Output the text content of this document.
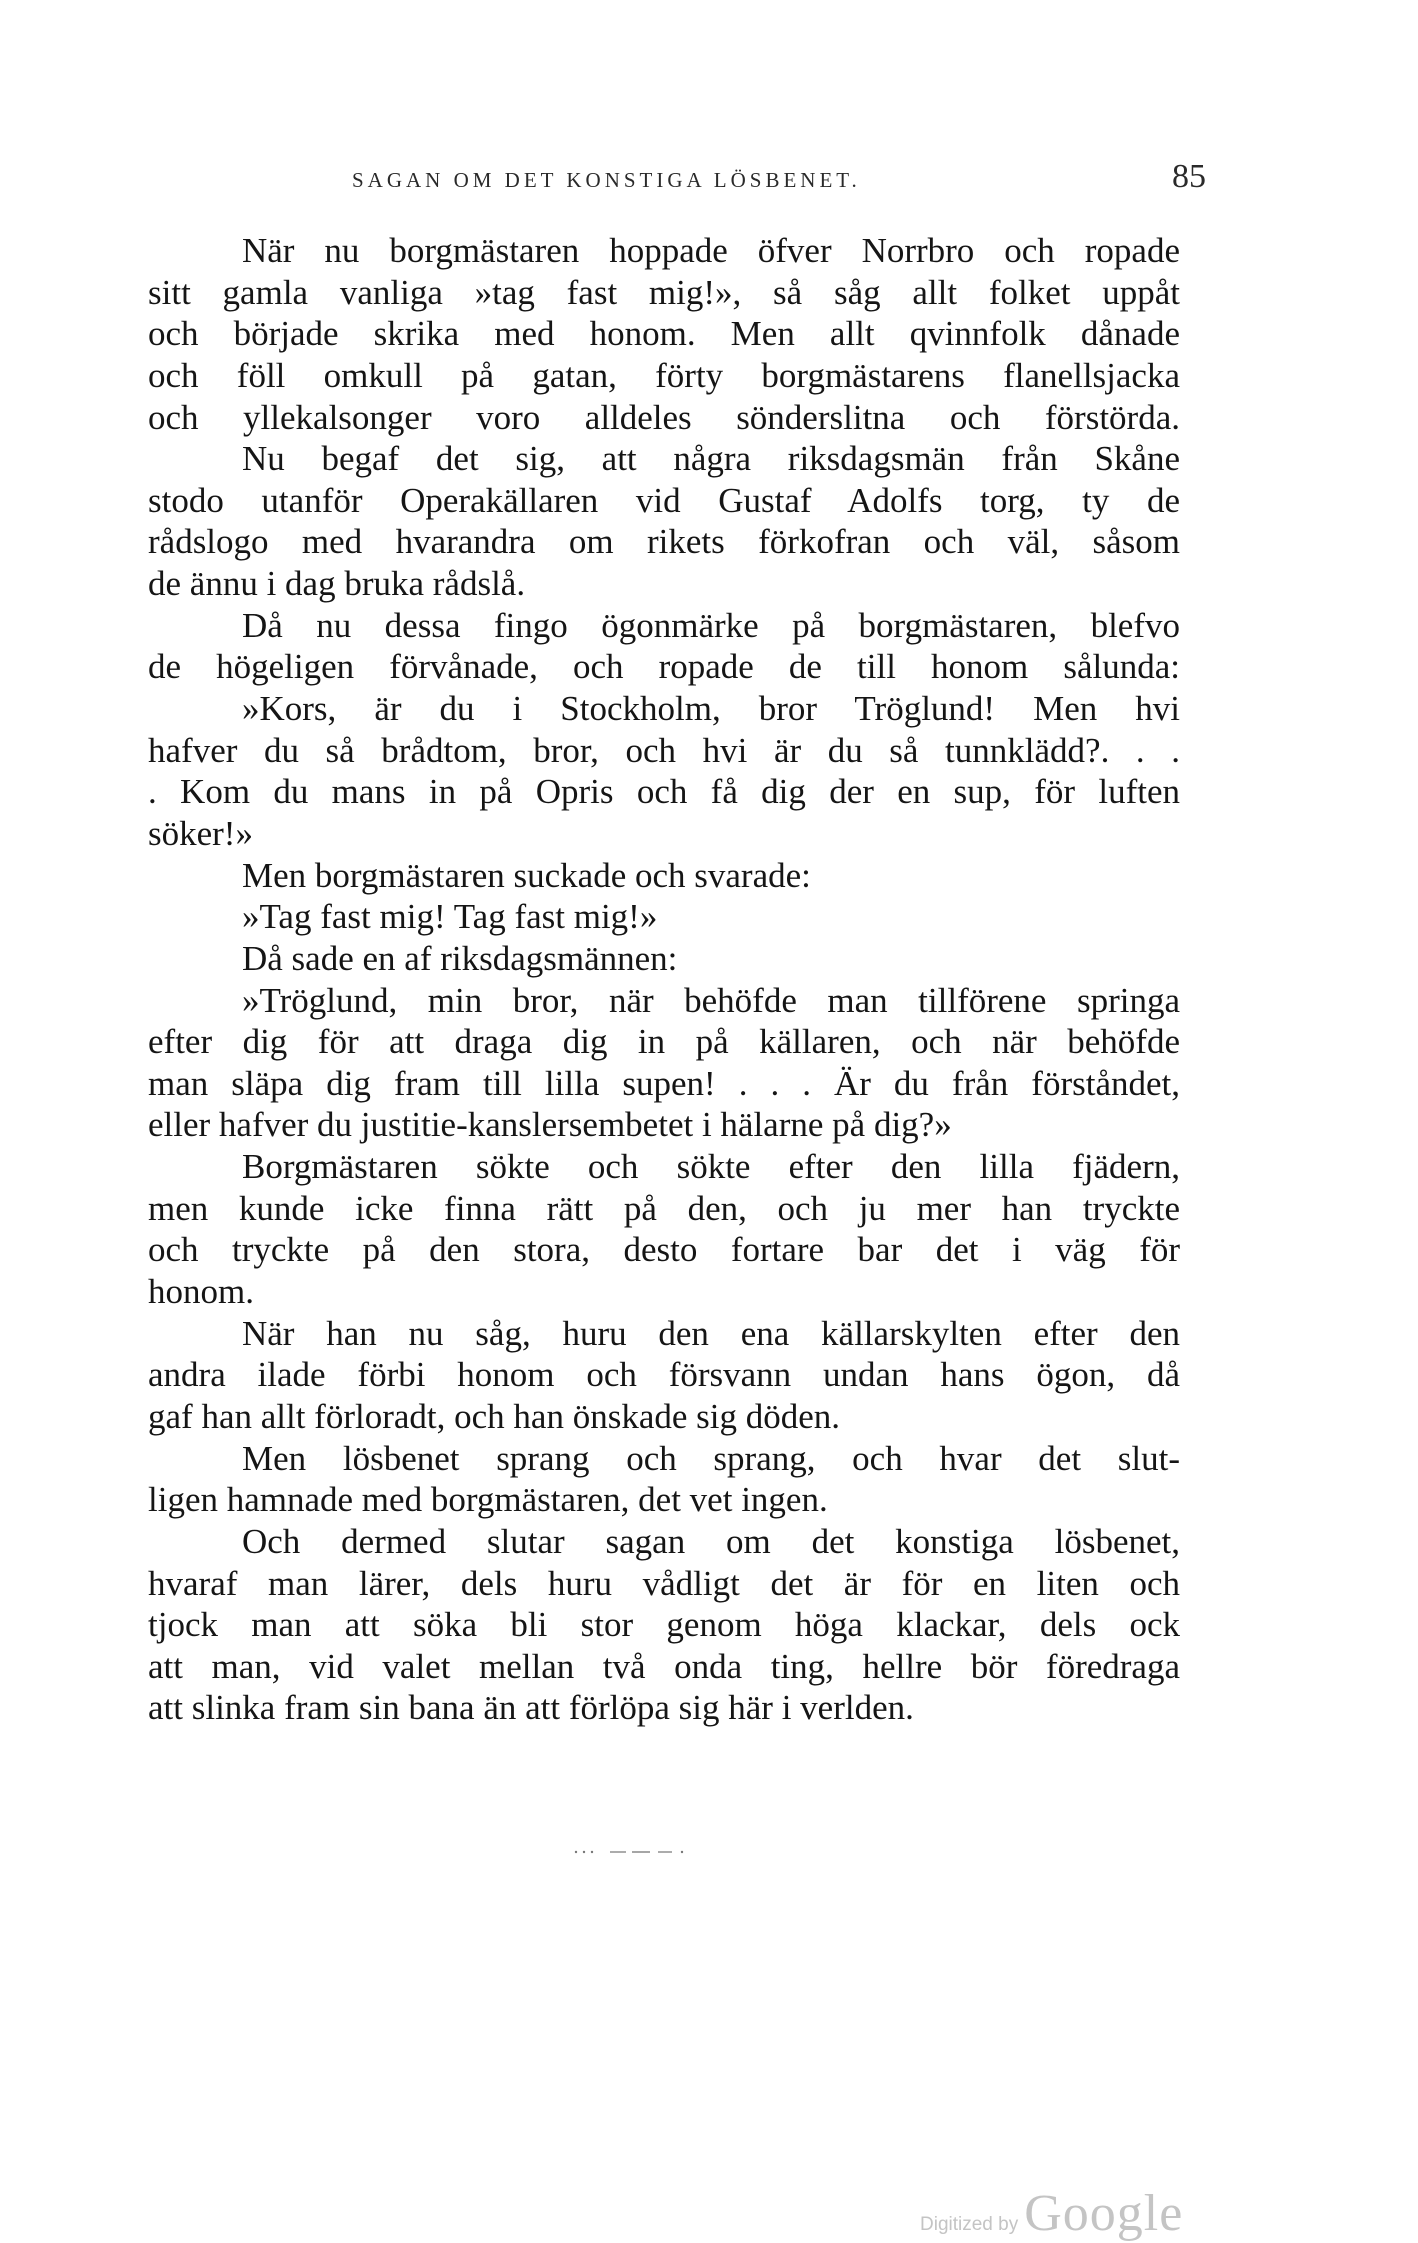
SAGAN OM DET KONSTIGA LÖSBENET.	85
När nu borgmästaren hoppade öfver Norrbro och ropade
sitt gamla vanliga »tag fast mig!», så såg allt folket uppåt
och började skrika med honom. Men allt qvinnfolk dånade
och föll omkull på gatan, förty borgmästarens flanellsjacka
och yllekalsonger voro alldeles sönderslitna och förstörda.
Nu begaf det sig, att några riksdagsmän från Skåne
stodo utanför Operakällaren vid Gustaf Adolfs torg, ty de
rådslogo med hvarandra om rikets förkofran och väl, såsom
de ännu i dag bruka rådslå.
Då nu dessa fingo ögonmärke på borgmästaren, blefvo
de högeligen förvånade, och ropade de till honom sålunda:
»Kors, är du i Stockholm, bror Tröglund! Men hvi
hafver du så brådtom, bror, och hvi är du så tunnklädd?. . .
. Kom du mans in på Opris och få dig der en sup, för luften
söker!»
Men borgmästaren suckade och svarade:
»Tag fast mig! Tag fast mig!»
Då sade en af riksdagsmännen:
»Tröglund, min bror, när behöfde man tillförene springa
efter dig för att draga dig in på källaren, och när behöfde
man släpa dig fram till lilla supen! . . . Är du från förståndet,
eller hafver du justitie-kanslersembetet i hälarne på dig?»
Borgmästaren sökte och sökte efter den lilla fjädern,
men kunde icke finna rätt på den, och ju mer han tryckte
och tryckte på den stora, desto fortare bar det i väg för
honom.
När han nu såg, huru den ena källarskylten efter den
andra ilade förbi honom och försvann undan hans ögon, då
gaf han allt förloradt, och han önskade sig döden.
Men lösbenet sprang och sprang, och hvar det slut-
ligen hamnade med borgmästaren, det vet ingen.
Och dermed slutar sagan om det konstiga lösbenet,
hvaraf man lärer, dels huru vådligt det är för en liten och
tjock man att söka bli stor genom höga klackar, dels ock
att man, vid valet mellan två onda ting, hellre bör föredraga
att slinka fram sin bana än att förlöpa sig här i verlden.
Digitized by Google
